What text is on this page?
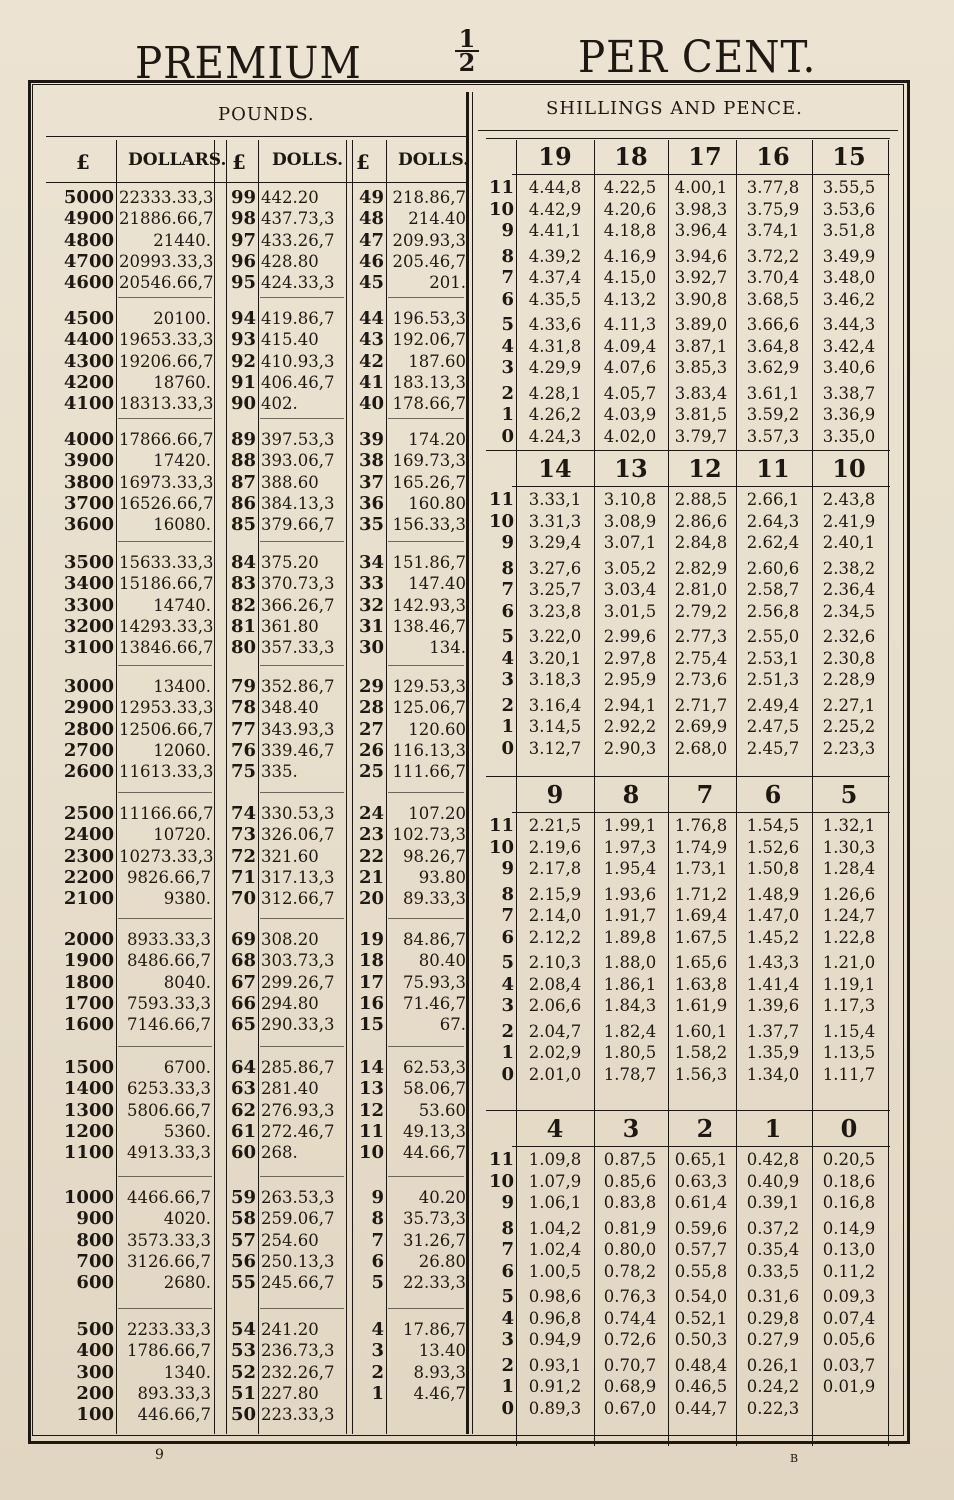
PREMIUM	$\frac{1}{2}$ PER CENT.
POUNDS.	SHILLINGS AND PENCE.
£ DOLLARS. £ DOLLS. £ DOLLS.
5000 22333.33,3 99 442.20	49 218.86,7
4900 21886.66,7 98 437.73,3	48	214.40
4800	21440.	97 433.26,7	47 209.93,3
4700 20993.33,3 96 428.80	46 205.46,7
4600 20546.66,7 95 424.33,3	45	201.
4500	20100.	94 419.86,7	44 196.53,3
4400 19653.33,3 93 415.40	43 192.06,7
4300 19206.66,7 92 410.93,3	42	187.60
4200	18760.	91 406.46,7	41 183.13,3
4100 18313.33,3 90 402.	40 178.66,7
4000 17866.66,7 89 397.53,3	39	174.20
3900	17420.	88 393.06,7	38 169.73,3
3800 16973.33,3 87 388.60	37 165.26,7
3700 16526.66,7 86 384.13,3	36	160.80
3600	16080.	85 379.66,7	35 156.33,3
3500 15633.33,3 84 375.20	34 151.86,7
3400 15186.66,7 83 370.73,3	33	147.40
3300	14740.	82 366.26,7	32 142.93,3
3200 14293.33,3 81 361.80	31 138.46,7
3100 13846.66,7 80 357.33,3	30	134.
3000	13400.	79 352.86,7	29 129.53,3
2900 12953.33,3 78 348.40	28 125.06,7
2800 12506.66,7 77 343.93,3	27	120.60
2700	12060.	76 339.46,7	26 116.13,3
2600 11613.33,3 75 335.	25 111.66,7
2500 11166.66,7 74 330.53,3	24	107.20
2400	10720.	73 326.06,7	23 102.73,3
2300 10273.33,3 72 321.60	22	98.26,7
2200 9826.66,7	71 317.13,3	21	93.80
2100	9380.	70 312.66,7	20	89.33,3
2000 8933.33,3	69 308.20	19	84.86,7
1900 8486.66,7	68 303.73,3	18	80.40
1800	8040.	67 299.26,7	17	75.93,3
1700 7593.33,3	66 294.80	16	71.46,7
1600 7146.66,7	65 290.33,3	15	67.
1500	6700.	64 285.86,7	14	62.53,3
1400 6253.33,3	63 281.40	13	58.06,7
1300 5806.66,7	62 276.93,3	12	53.60
1200	5360.	61 272.46,7	11	49.13,3
1100 4913.33,3	60 268.	10	44.66,7
1000 4466.66,7	59 263.53,3	9	40.20
900	4020.	58 259.06,7	8	35.73,3
800 3573.33,3	57 254.60	7	31.26,7
700 3126.66,7	56 250.13,3	6	26.80
600	2680.	55 245.66,7	5	22.33,3
500 2233.33,3	54 241.20	4	17.86,7
400 1786.66,7	53 236.73,3	3	13.40
300	1340.	52 232.26,7	2	8.93,3
200	893.33,3	51 227.80	1	4.46,7
100	446.66,7	50 223.33,3
19	18	17	16	15
11 4.44,8	4.22,5	4.00,1	3.77,8	3.55,5
10 4.42,9	4.20,6	3.98,3	3.75,9	3.53,6
9 4.41,1	4.18,8	3.96,4	3.74,1	3.51,8
8 4.39,2	4.16,9	3.94,6	3.72,2	3.49,9
7 4.37,4	4.15,0	3.92,7	3.70,4	3.48,0
6 4.35,5	4.13,2	3.90,8	3.68,5	3.46,2
5 4.33,6	4.11,3	3.89,0	3.66,6	3.44,3
4 4.31,8	4.09,4	3.87,1	3.64,8	3.42,4
3 4.29,9	4.07,6	3.85,3	3.62,9	3.40,6
2 4.28,1	4.05,7	3.83,4	3.61,1	3.38,7
1 4.26,2	4.03,9	3.81,5	3.59,2	3.36,9
0 4.24,3	4.02,0	3.79,7	3.57,3	3.35,0
14	13	12	11	10
11 3.33,1	3.10,8	2.88,5	2.66,1	2.43,8
10 3.31,3	3.08,9	2.86,6	2.64,3	2.41,9
9 3.29,4	3.07,1	2.84,8	2.62,4	2.40,1
8 3.27,6	3.05,2	2.82,9	2.60,6	2.38,2
7 3.25,7	3.03,4	2.81,0	2.58,7	2.36,4
6 3.23,8	3.01,5	2.79,2	2.56,8	2.34,5
5 3.22,0	2.99,6	2.77,3	2.55,0	2.32,6
4 3.20,1	2.97,8	2.75,4	2.53,1	2.30,8
3 3.18,3	2.95,9	2.73,6	2.51,3	2.28,9
2 3.16,4	2.94,1	2.71,7	2.49,4	2.27,1
1 3.14,5	2.92,2	2.69,9	2.47,5	2.25,2
0 3.12,7	2.90,3	2.68,0	2.45,7	2.23,3
9	8	7	6	5
11 2.21,5	1.99,1	1.76,8	1.54,5	1.32,1
10 2.19,6	1.97,3	1.74,9	1.52,6	1.30,3
9 2.17,8	1.95,4	1.73,1	1.50,8	1.28,4
8 2.15,9	1.93,6	1.71,2	1.48,9	1.26,6
7 2.14,0	1.91,7	1.69,4	1.47,0	1.24,7
6 2.12,2	1.89,8	1.67,5	1.45,2	1.22,8
5 2.10,3	1.88,0	1.65,6	1.43,3	1.21,0
4 2.08,4	1.86,1	1.63,8	1.41,4	1.19,1
3 2.06,6	1.84,3	1.61,9	1.39,6	1.17,3
2 2.04,7	1.82,4	1.60,1	1.37,7	1.15,4
1 2.02,9	1.80,5	1.58,2	1.35,9	1.13,5
0 2.01,0	1.78,7	1.56,3	1.34,0	1.11,7
4	3	2	1	0
11 1.09,8	0.87,5	0.65,1	0.42,8	0.20,5
10 1.07,9	0.85,6	0.63,3	0.40,9	0.18,6
9 1.06,1	0.83,8	0.61,4	0.39,1	0.16,8
8 1.04,2	0.81,9	0.59,6	0.37,2	0.14,9
7 1.02,4	0.80,0	0.57,7	0.35,4	0.13,0
6 1.00,5	0.78,2	0.55,8	0.33,5	0.11,2
5 0.98,6	0.76,3	0.54,0	0.31,6	0.09,3
4 0.96,8	0.74,4	0.52,1	0.29,8	0.07,4
3 0.94,9	0.72,6	0.50,3	0.27,9	0.05,6
2 0.93,1	0.70,7	0.48,4	0.26,1	0.03,7
1 0.91,2	0.68,9	0.46,5	0.24,2	0.01,9
0 0.89,3	0.67,0	0.44,7	0.22,3
9	B
